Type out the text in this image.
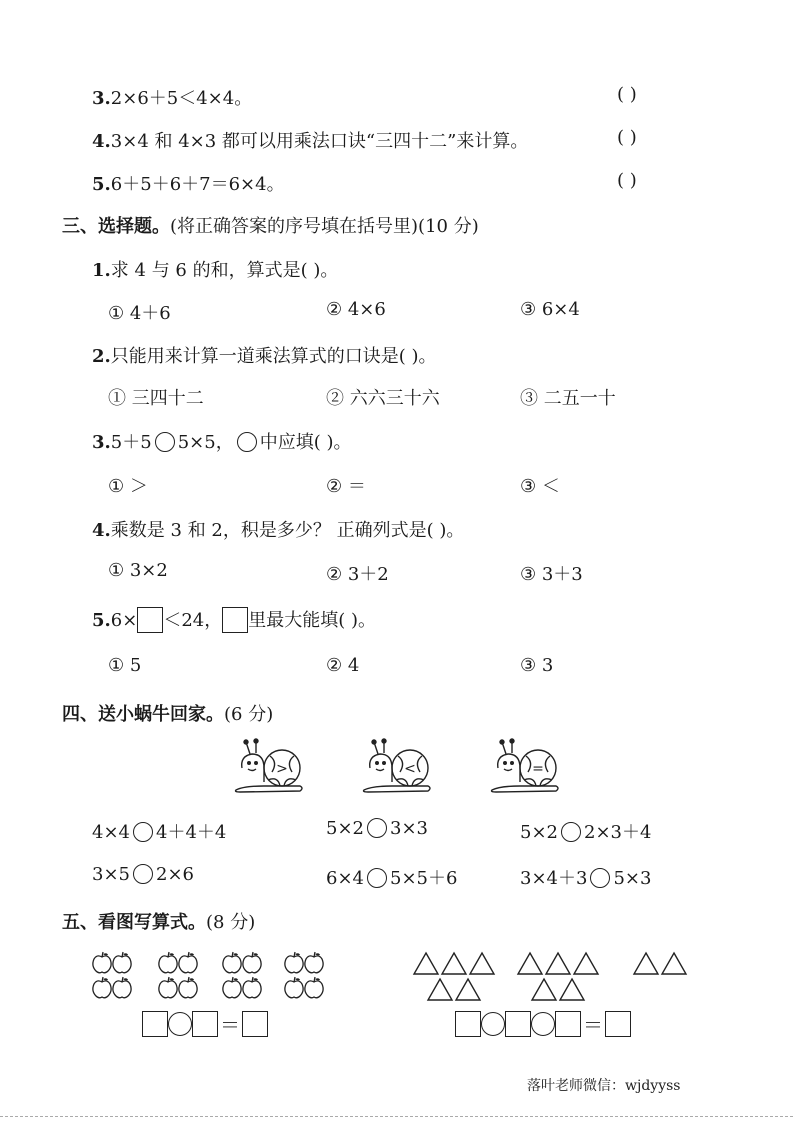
3.2×6＋5＜4×4。	( )
4.3×4 和 4×3 都可以用乘法口诀“三四十二”来计算。	( )
5.6＋5＋6＋7＝6×4。	( )
三、选择题。(将正确答案的序号填在括号里)(10 分)
1.求 4 与 6 的和，算式是( )。
① 4＋6	② 4×6	③ 6×4
2.只能用来计算一道乘法算式的口诀是( )。
① 三四十二	② 六六三十六	③ 二五一十
3.5＋5 5×5， 中应填( )。
① ＞	② ＝	③ ＜
4.乘数是 3 和 2，积是多少？ 正确列式是( )。
① 3×2	② 3＋2	③ 3＋3
5.6× ＜24， 里最大能填( )。
① 5	② 4	③ 3
四、送小蜗牛回家。(6 分)
>	<	=
4×4 4＋4＋4	5×2 3×3	5×2 2×3＋4
3×5 2×6	6×4 5×5＋6	3×4＋3 5×3
五、看图写算式。(8 分)
＝	＝
落叶老师微信：wjdyyss
